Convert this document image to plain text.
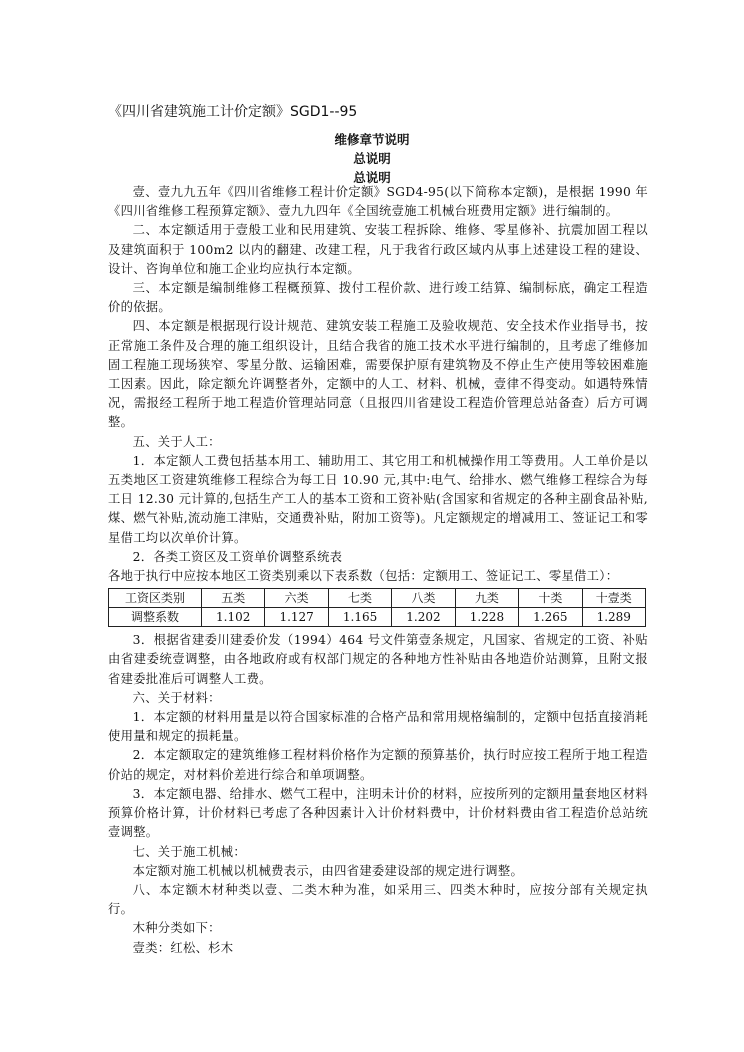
《四川省建筑施工计价定额》SGD1--95
维修章节说明
总说明
总说明

壹、壹九九五年《四川省维修工程计价定额》SGD4-95(以下简称本定额)，是根据 1990 年《四川省维修工程预算定额》、壹九九四年《全国统壹施工机械台班费用定额》进行编制的。

二、本定额适用于壹般工业和民用建筑、安装工程拆除、维修、零星修补、抗震加固工程以及建筑面积于 100m2 以内的翻建、改建工程，凡于我省行政区域内从事上述建设工程的建设、设计、咨询单位和施工企业均应执行本定额。

三、本定额是编制维修工程概预算、拨付工程价款、进行竣工结算、编制标底，确定工程造价的依据。

四、本定额是根据现行设计规范、建筑安装工程施工及验收规范、安全技术作业指导书，按正常施工条件及合理的施工组织设计，且结合我省的施工技术水平进行编制的，且考虑了维修加固工程施工现场狭窄、零星分散、运输困难，需要保护原有建筑物及不停止生产使用等较困难施工因素。因此，除定额允许调整者外，定额中的人工、材料、机械，壹律不得变动。如遇特殊情况，需报经工程所于地工程造价管理站同意（且报四川省建设工程造价管理总站备查）后方可调整。

五、关于人工：

1．本定额人工费包括基本用工、辅助用工、其它用工和机械操作用工等费用。人工单价是以五类地区工资建筑维修工程综合为每工日 10.90 元,其中:电气、给排水、燃气维修工程综合为每工日 12.30 元计算的,包括生产工人的基本工资和工资补贴(含国家和省规定的各种主副食品补贴,煤、燃气补贴,流动施工津贴，交通费补贴，附加工资等)。凡定额规定的增减用工、签证记工和零星借工均以次单价计算。

2．各类工资区及工资单价调整系统表

各地于执行中应按本地区工资类别乘以下表系数（包括：定额用工、签证记工、零星借工）：

工资区类别	五类	六类	七类	八类	九类	十类	十壹类
调整系数	1.102	1.127	1.165	1.202	1.228	1.265	1.289

3．根据省建委川建委价发（1994）464 号文件第壹条规定，凡国家、省规定的工资、补贴由省建委统壹调整，由各地政府或有权部门规定的各种地方性补贴由各地造价站测算，且附文报省建委批准后可调整人工费。

六、关于材料：

1．本定额的材料用量是以符合国家标准的合格产品和常用规格编制的，定额中包括直接消耗使用量和规定的损耗量。

2．本定额取定的建筑维修工程材料价格作为定额的预算基价，执行时应按工程所于地工程造价站的规定，对材料价差进行综合和单项调整。

3．本定额电器、给排水、燃气工程中，注明未计价的材料，应按所列的定额用量套地区材料预算价格计算，计价材料已考虑了各种因素计入计价材料费中，计价材料费由省工程造价总站统壹调整。

七、关于施工机械：

本定额对施工机械以机械费表示，由四省建委建设部的规定进行调整。

八、本定额木材种类以壹、二类木种为准，如采用三、四类木种时，应按分部有关规定执行。

木种分类如下：

壹类：红松、杉木
